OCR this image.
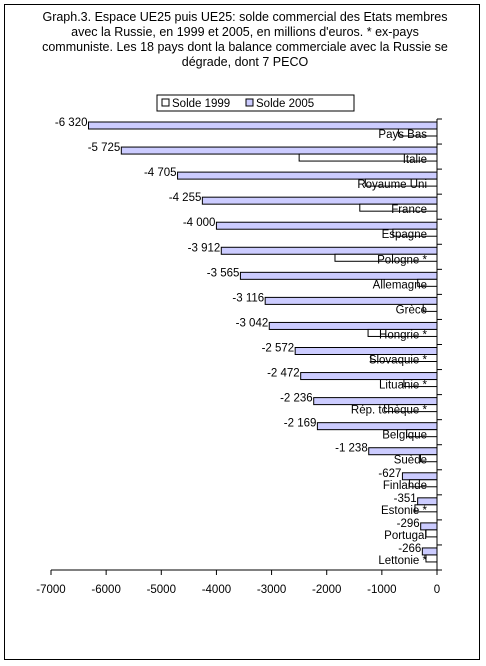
Graph.3. Espace UE25 puis UE25: solde commercial des Etats membres avec la Russie, en 1999 et 2005, en millions d'euros. * ex-pays communiste. Les 18 pays dont la balance commerciale avec la Russie se dégrade, dont 7 PECO
-7000 -6000 -5000 -4000 -3000 -2000 -1000	0
-6 320
Pays Bas
-5 725
Italie
-4 705
Royaume Uni
-4 255
France
-4 000
Espagne
-3 912
Pologne *
-3 565
Allemagne
-3 116
Grèce
-3 042
Hongrie *
-2 572
Slovaquie *
-2 472
Lituanie *
-2 236
Rép. tchèque *
-2 169
Belgique
-1 238
Suède
-627
Finlande
-351
Estonie *
-296
Portugal
-266
Lettonie *
Solde 1999 Solde 2005
